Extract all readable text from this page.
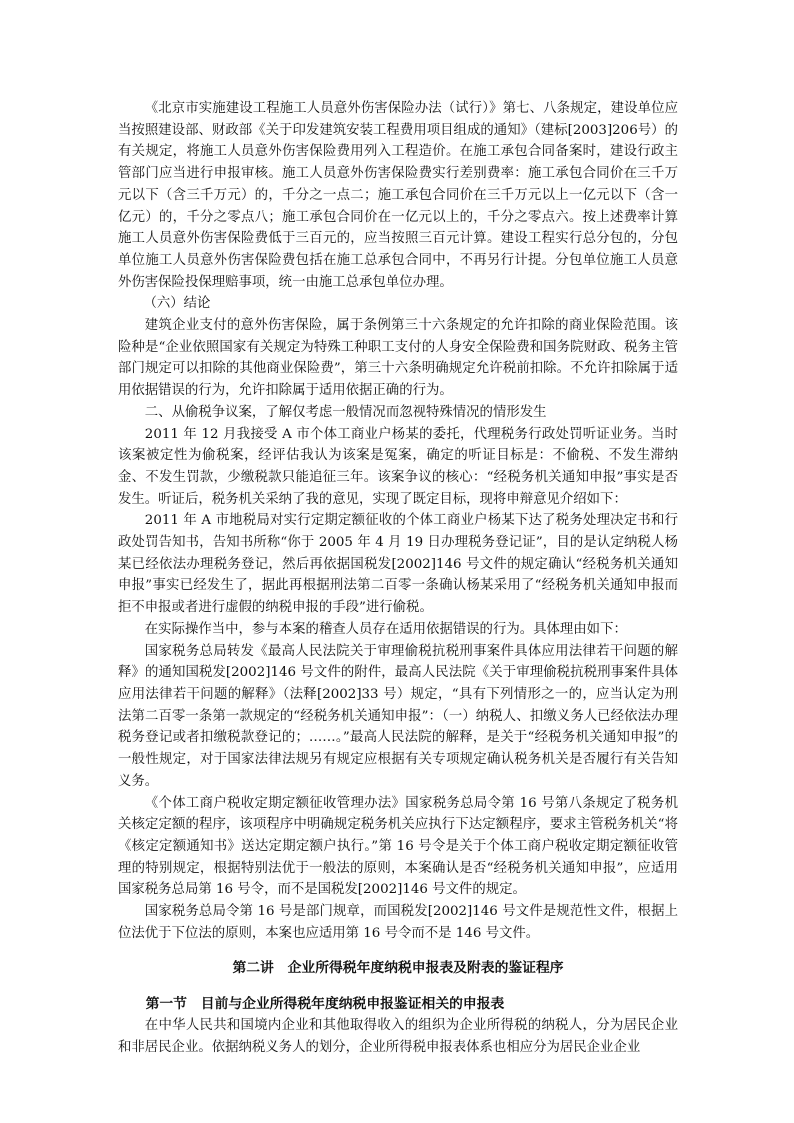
《北京市实施建设工程施工人员意外伤害保险办法（试行）》第七、八条规定，建设单位应当按照建设部、财政部《关于印发建筑安装工程费用项目组成的通知》（建标[2003]206号）的有关规定，将施工人员意外伤害保险费用列入工程造价。在施工承包合同备案时，建设行政主管部门应当进行申报审核。施工人员意外伤害保险费实行差别费率：施工承包合同价在三千万元以下（含三千万元）的，千分之一点二；施工承包合同价在三千万元以上一亿元以下（含一亿元）的，千分之零点八；施工承包合同价在一亿元以上的，千分之零点六。按上述费率计算施工人员意外伤害保险费低于三百元的，应当按照三百元计算。建设工程实行总分包的，分包单位施工人员意外伤害保险费包括在施工总承包合同中，不再另行计提。分包单位施工人员意外伤害保险投保理赔事项，统一由施工总承包单位办理。

（六）结论

建筑企业支付的意外伤害保险，属于条例第三十六条规定的允许扣除的商业保险范围。该险种是“企业依照国家有关规定为特殊工种职工支付的人身安全保险费和国务院财政、税务主管部门规定可以扣除的其他商业保险费”，第三十六条明确规定允许税前扣除。不允许扣除属于适用依据错误的行为，允许扣除属于适用依据正确的行为。

二、从偷税争议案，了解仅考虑一般情况而忽视特殊情况的情形发生

2011 年 12 月我接受 A 市个体工商业户杨某的委托，代理税务行政处罚听证业务。当时该案被定性为偷税案，经评估我认为该案是冤案，确定的听证目标是：不偷税、不发生滞纳金、不发生罚款，少缴税款只能追征三年。该案争议的核心：“经税务机关通知申报”事实是否发生。听证后，税务机关采纳了我的意见，实现了既定目标，现将申辩意见介绍如下：

2011 年 A 市地税局对实行定期定额征收的个体工商业户杨某下达了税务处理决定书和行政处罚告知书，告知书所称“你于 2005 年 4 月 19 日办理税务登记证”，目的是认定纳税人杨某已经依法办理税务登记，然后再依据国税发[2002]146 号文件的规定确认“经税务机关通知申报”事实已经发生了，据此再根据刑法第二百零一条确认杨某采用了“经税务机关通知申报而拒不申报或者进行虚假的纳税申报的手段”进行偷税。

在实际操作当中，参与本案的稽查人员存在适用依据错误的行为。具体理由如下：

国家税务总局转发《最高人民法院关于审理偷税抗税刑事案件具体应用法律若干问题的解释》的通知国税发[2002]146 号文件的附件，最高人民法院《关于审理偷税抗税刑事案件具体应用法律若干问题的解释》（法释[2002]33 号）规定，“具有下列情形之一的，应当认定为刑法第二百零一条第一款规定的“经税务机关通知申报”：（一）纳税人、扣缴义务人已经依法办理税务登记或者扣缴税款登记的；……。”最高人民法院的解释，是关于“经税务机关通知申报”的一般性规定，对于国家法律法规另有规定应根据有关专项规定确认税务机关是否履行有关告知义务。

《个体工商户税收定期定额征收管理办法》国家税务总局令第 16 号第八条规定了税务机关核定定额的程序，该项程序中明确规定税务机关应执行下达定额程序，要求主管税务机关“将《核定定额通知书》送达定期定额户执行。”第 16 号令是关于个体工商户税收定期定额征收管理的特别规定，根据特别法优于一般法的原则，本案确认是否“经税务机关通知申报”，应适用国家税务总局第 16 号令，而不是国税发[2002]146 号文件的规定。

国家税务总局令第 16 号是部门规章，而国税发[2002]146 号文件是规范性文件，根据上位法优于下位法的原则，本案也应适用第 16 号令而不是 146 号文件。

第二讲　企业所得税年度纳税申报表及附表的鉴证程序

第一节　目前与企业所得税年度纳税申报鉴证相关的申报表

在中华人民共和国境内企业和其他取得收入的组织为企业所得税的纳税人，分为居民企业和非居民企业。依据纳税义务人的划分，企业所得税申报表体系也相应分为居民企业企业
